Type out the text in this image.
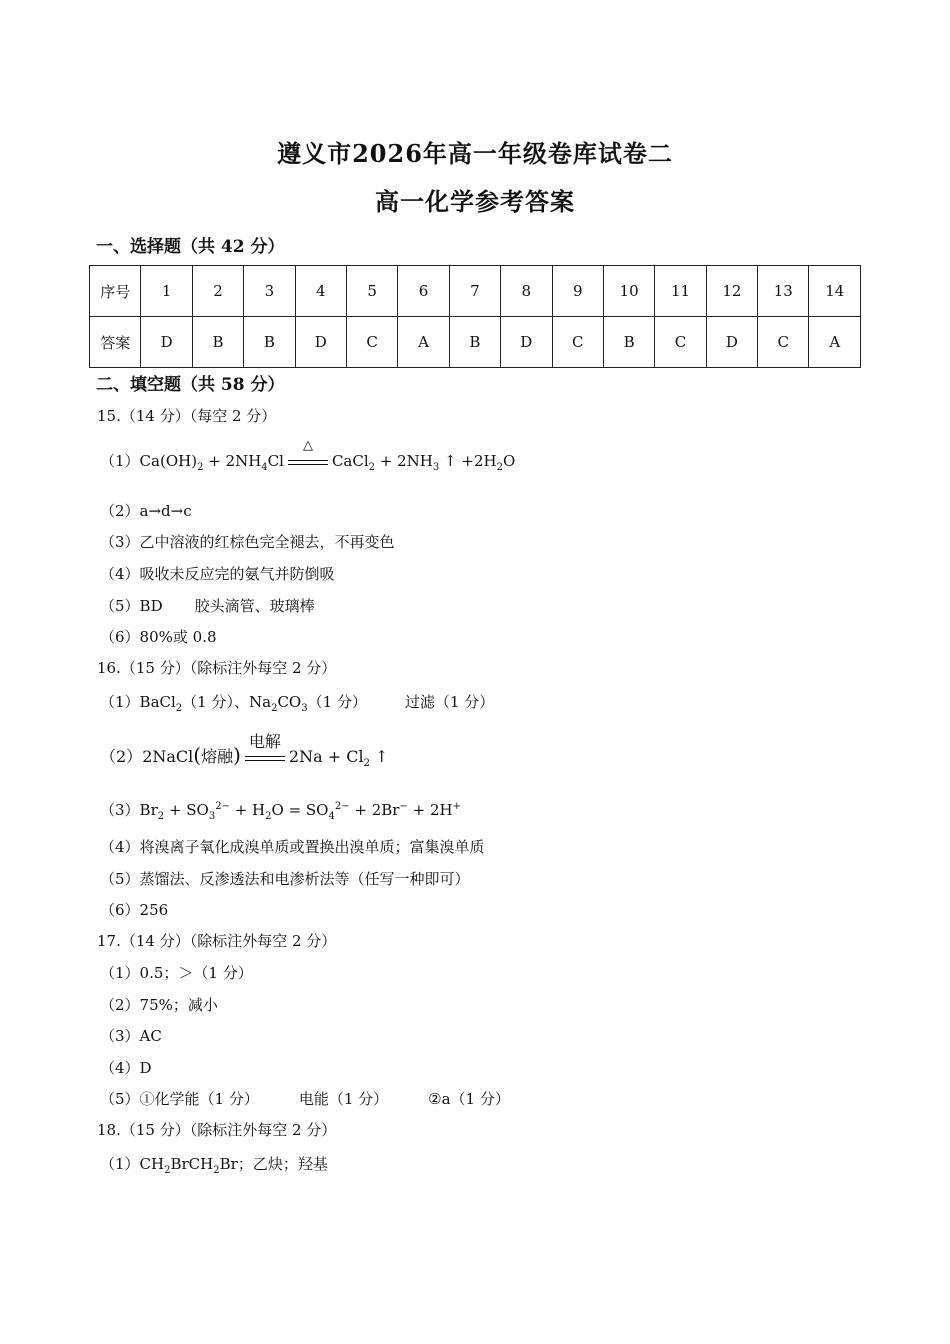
遵义市2026年高一年级卷库试卷二
高一化学参考答案
一、选择题（共 42 分）
序号	1	2	3	4	5	6	7	8	9	10	11	12	13	14
答案	D	B	B	D	C	A	B	D	C	B	C	D	C	A
二、填空题（共 58 分）
15.（14 分）（每空 2 分）
$(1)Ca(OH)_2 + 2NH_4Cl$
△
CaCl$_2$ + $2NH_3$ ↑ $+2H_2O$
（2）a→d→c
（3）乙中溶液的红棕色完全褪去，不再变色
（4）吸收未反应完的氨气并防倒吸
（5）BD 胶头滴管、玻璃棒
（6）80%或 0.8
16.（15 分）（除标注外每空 2 分）
（1）BaCl$_2$（1 分）、$Na_2CO_3(1$ 分）	过滤（1 分）
（2）2NaCl(熔融)
电解
$2Na + Cl_2$ ↑
$(3)Br_2 + SO_3^{2-} + H_2O = SO_4^{2-} + 2Br^- + 2H^+$
（4）将溴离子氧化成溴单质或置换出溴单质；富集溴单质
（5）蒸馏法、反渗透法和电渗析法等（任写一种即可）
（6）256
17.（14 分）（除标注外每空 2 分）
（1）0.5；＞（1 分）
（2）75%；减小
（3）AC
（4）D
（5）①化学能（1 分）	电能（1 分）	②a（1 分）
18.（15 分）（除标注外每空 2 分）
$(1)CH_2BrCH_2Br$；乙炔；羟基
